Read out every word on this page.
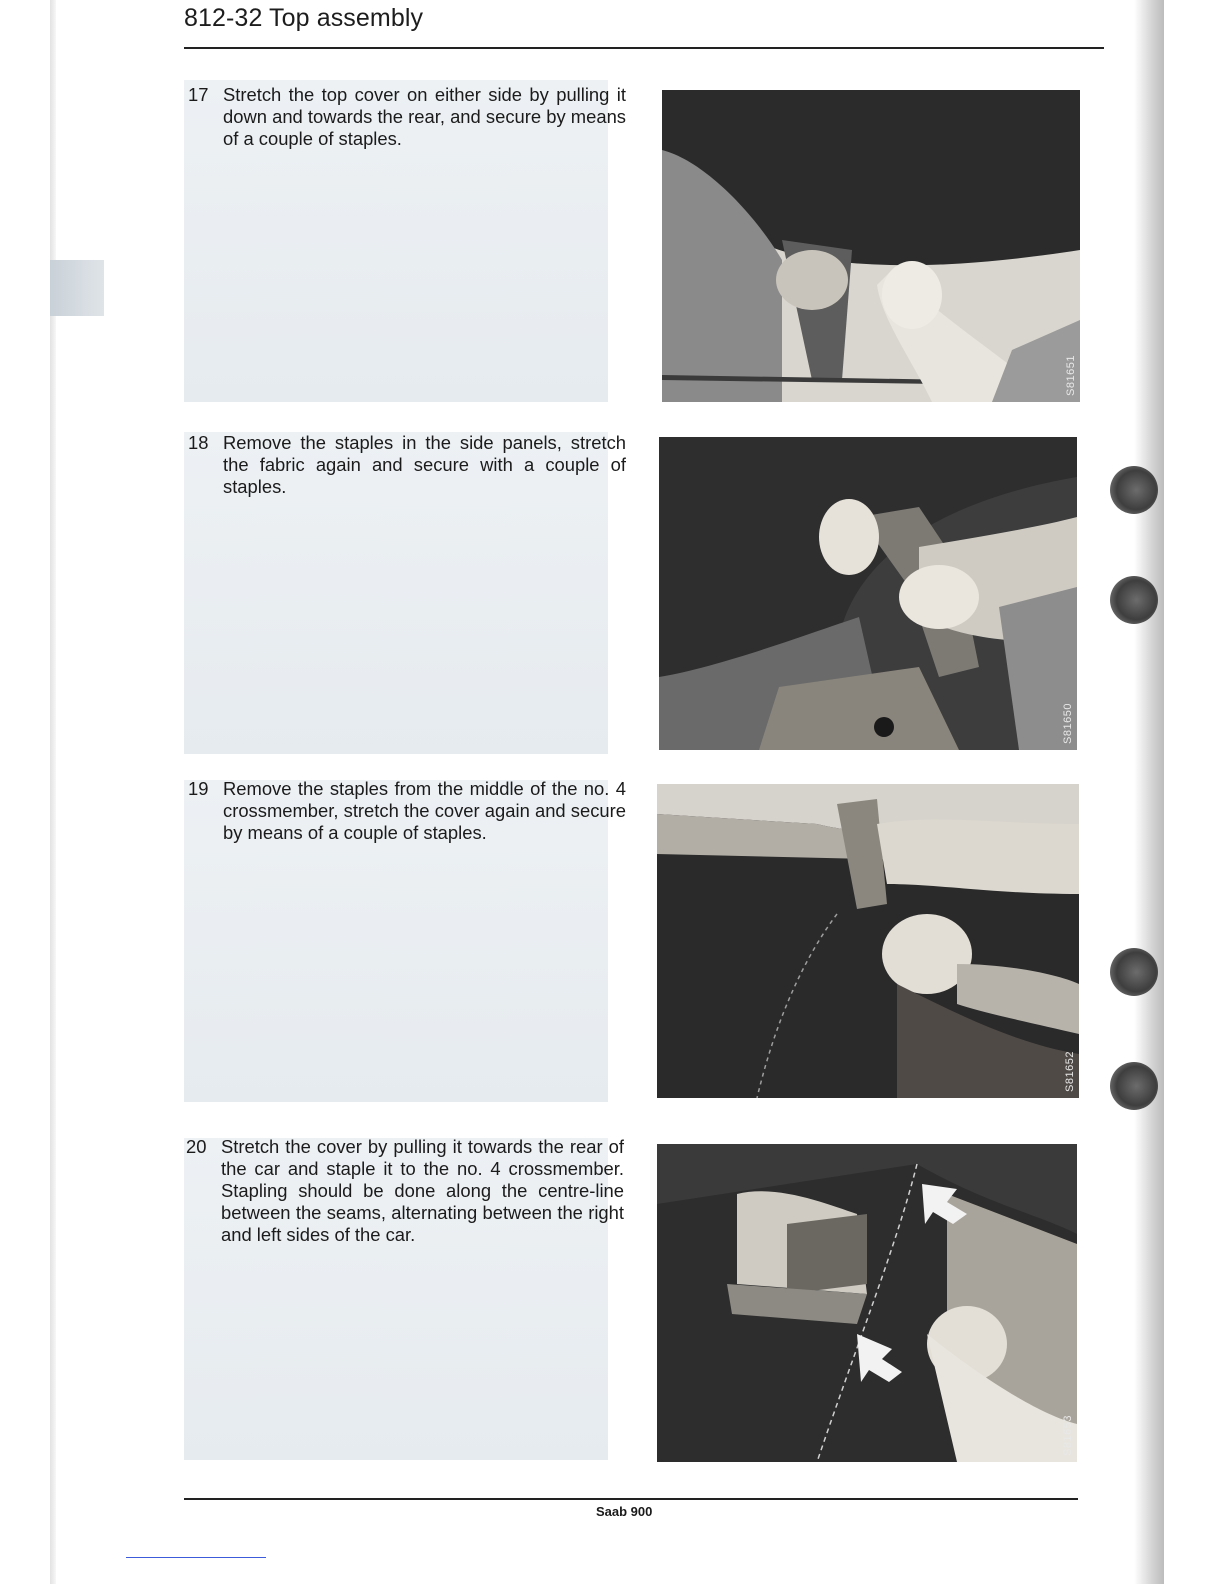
812-32 Top assembly
17 Stretch the top cover on either side by pulling it down and towards the rear, and secure by means of a couple of staples.
S81651
18 Remove the staples in the side panels, stretch the fabric again and secure with a couple of staples.
S81650
19 Remove the staples from the middle of the no. 4 crossmember, stretch the cover again and secure by means of a couple of staples.
S81652
20 Stretch the cover by pulling it towards the rear of the car and staple it to the no. 4 crossmember. Stapling should be done along the centre-line between the seams, alternating between the right and left sides of the car.
S81653
Saab 900
